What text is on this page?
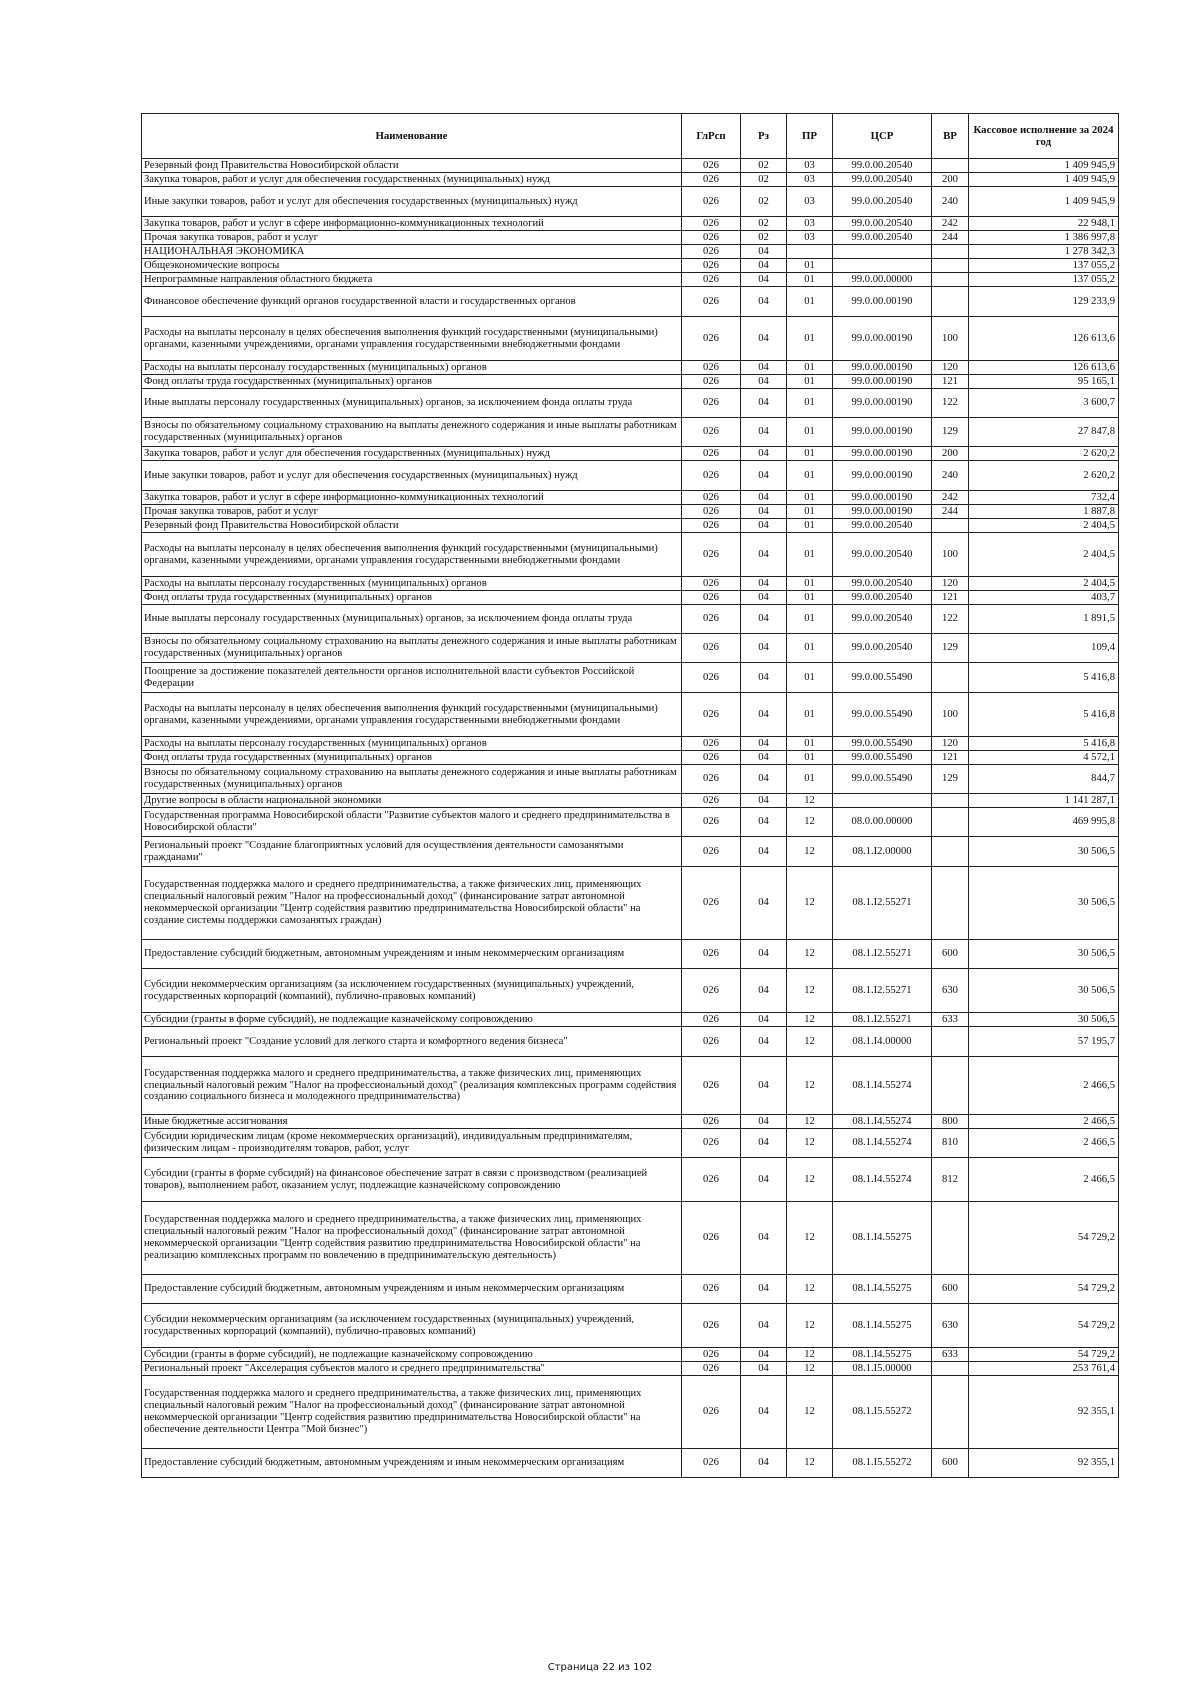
Наименование	ГлРсп	Рз	ПР	ЦСР	ВР	Кассовое исполнение за 2024 год
Резервный фонд Правительства Новосибирской области	026	02	03	99.0.00.20540		1 409 945,9
Закупка товаров, работ и услуг для обеспечения государственных (муниципальных) нужд	026	02	03	99.0.00.20540	200	1 409 945,9
Иные закупки товаров, работ и услуг для обеспечения государственных (муниципальных) нужд	026	02	03	99.0.00.20540	240	1 409 945,9
Закупка товаров, работ и услуг в сфере информационно-коммуникационных технологий	026	02	03	99.0.00.20540	242	22 948,1
Прочая закупка товаров, работ и услуг	026	02	03	99.0.00.20540	244	1 386 997,8
НАЦИОНАЛЬНАЯ ЭКОНОМИКА	026	04				1 278 342,3
Общеэкономические вопросы	026	04	01			137 055,2
Непрограммные направления областного бюджета	026	04	01	99.0.00.00000		137 055,2
Финансовое обеспечение функций органов государственной власти и государственных органов	026	04	01	99.0.00.00190		129 233,9
Расходы на выплаты персоналу в целях обеспечения выполнения функций государственными (муниципальными) органами, казенными учреждениями, органами управления государственными внебюджетными фондами	026	04	01	99.0.00.00190	100	126 613,6
Расходы на выплаты персоналу государственных (муниципальных) органов	026	04	01	99.0.00.00190	120	126 613,6
Фонд оплаты труда государственных (муниципальных) органов	026	04	01	99.0.00.00190	121	95 165,1
Иные выплаты персоналу государственных (муниципальных) органов, за исключением фонда оплаты труда	026	04	01	99.0.00.00190	122	3 600,7
Взносы по обязательному социальному страхованию на выплаты денежного содержания и иные выплаты работникам государственных (муниципальных) органов	026	04	01	99.0.00.00190	129	27 847,8
Закупка товаров, работ и услуг для обеспечения государственных (муниципальных) нужд	026	04	01	99.0.00.00190	200	2 620,2
Иные закупки товаров, работ и услуг для обеспечения государственных (муниципальных) нужд	026	04	01	99.0.00.00190	240	2 620,2
Закупка товаров, работ и услуг в сфере информационно-коммуникационных технологий	026	04	01	99.0.00.00190	242	732,4
Прочая закупка товаров, работ и услуг	026	04	01	99.0.00.00190	244	1 887,8
Резервный фонд Правительства Новосибирской области	026	04	01	99.0.00.20540		2 404,5
Расходы на выплаты персоналу в целях обеспечения выполнения функций государственными (муниципальными) органами, казенными учреждениями, органами управления государственными внебюджетными фондами	026	04	01	99.0.00.20540	100	2 404,5
Расходы на выплаты персоналу государственных (муниципальных) органов	026	04	01	99.0.00.20540	120	2 404,5
Фонд оплаты труда государственных (муниципальных) органов	026	04	01	99.0.00.20540	121	403,7
Иные выплаты персоналу государственных (муниципальных) органов, за исключением фонда оплаты труда	026	04	01	99.0.00.20540	122	1 891,5
Взносы по обязательному социальному страхованию на выплаты денежного содержания и иные выплаты работникам государственных (муниципальных) органов	026	04	01	99.0.00.20540	129	109,4
Поощрение за достижение показателей деятельности органов исполнительной власти субъектов Российской Федерации	026	04	01	99.0.00.55490		5 416,8
Расходы на выплаты персоналу в целях обеспечения выполнения функций государственными (муниципальными) органами, казенными учреждениями, органами управления государственными внебюджетными фондами	026	04	01	99.0.00.55490	100	5 416,8
Расходы на выплаты персоналу государственных (муниципальных) органов	026	04	01	99.0.00.55490	120	5 416,8
Фонд оплаты труда государственных (муниципальных) органов	026	04	01	99.0.00.55490	121	4 572,1
Взносы по обязательному социальному страхованию на выплаты денежного содержания и иные выплаты работникам государственных (муниципальных) органов	026	04	01	99.0.00.55490	129	844,7
Другие вопросы в области национальной экономики	026	04	12			1 141 287,1
Государственная программа Новосибирской области "Развитие субъектов малого и среднего предпринимательства в Новосибирской области"	026	04	12	08.0.00.00000		469 995,8
Региональный проект "Создание благоприятных условий для осуществления деятельности самозанятыми гражданами"	026	04	12	08.1.I2.00000		30 506,5
Государственная поддержка малого и среднего предпринимательства, а также физических лиц, применяющих специальный налоговый режим "Налог на профессиональный доход" (финансирование затрат автономной некоммерческой организации "Центр содействия развитию предпринимательства Новосибирской области" на создание системы поддержки самозанятых граждан)	026	04	12	08.1.I2.55271		30 506,5
Предоставление субсидий бюджетным, автономным учреждениям и иным некоммерческим организациям	026	04	12	08.1.I2.55271	600	30 506,5
Субсидии некоммерческим организациям (за исключением государственных (муниципальных) учреждений, государственных корпораций (компаний), публично-правовых компаний)	026	04	12	08.1.I2.55271	630	30 506,5
Субсидии (гранты в форме субсидий), не подлежащие казначейскому сопровождению	026	04	12	08.1.I2.55271	633	30 506,5
Региональный проект "Создание условий для легкого старта и комфортного ведения бизнеса"	026	04	12	08.1.I4.00000		57 195,7
Государственная поддержка малого и среднего предпринимательства, а также физических лиц, применяющих специальный налоговый режим "Налог на профессиональный доход" (реализация комплексных программ содействия созданию социального бизнеса и молодежного предпринимательства)	026	04	12	08.1.I4.55274		2 466,5
Иные бюджетные ассигнования	026	04	12	08.1.I4.55274	800	2 466,5
Субсидии юридическим лицам (кроме некоммерческих организаций), индивидуальным предпринимателям, физическим лицам - производителям товаров, работ, услуг	026	04	12	08.1.I4.55274	810	2 466,5
Субсидии (гранты в форме субсидий) на финансовое обеспечение затрат в связи с производством (реализацией товаров), выполнением работ, оказанием услуг, подлежащие казначейскому сопровождению	026	04	12	08.1.I4.55274	812	2 466,5
Государственная поддержка малого и среднего предпринимательства, а также физических лиц, применяющих специальный налоговый режим "Налог на профессиональный доход" (финансирование затрат автономной некоммерческой организации "Центр содействия развитию предпринимательства Новосибирской области" на реализацию комплексных программ по вовлечению в предпринимательскую деятельность)	026	04	12	08.1.I4.55275		54 729,2
Предоставление субсидий бюджетным, автономным учреждениям и иным некоммерческим организациям	026	04	12	08.1.I4.55275	600	54 729,2
Субсидии некоммерческим организациям (за исключением государственных (муниципальных) учреждений, государственных корпораций (компаний), публично-правовых компаний)	026	04	12	08.1.I4.55275	630	54 729,2
Субсидии (гранты в форме субсидий), не подлежащие казначейскому сопровождению	026	04	12	08.1.I4.55275	633	54 729,2
Региональный проект "Акселерация субъектов малого и среднего предпринимательства"	026	04	12	08.1.I5.00000		253 761,4
Государственная поддержка малого и среднего предпринимательства, а также физических лиц, применяющих специальный налоговый режим "Налог на профессиональный доход" (финансирование затрат автономной некоммерческой организации "Центр содействия развитию предпринимательства Новосибирской области" на обеспечение деятельности Центра "Мой бизнес")	026	04	12	08.1.I5.55272		92 355,1
Предоставление субсидий бюджетным, автономным учреждениям и иным некоммерческим организациям	026	04	12	08.1.I5.55272	600	92 355,1
Страница 22 из 102
